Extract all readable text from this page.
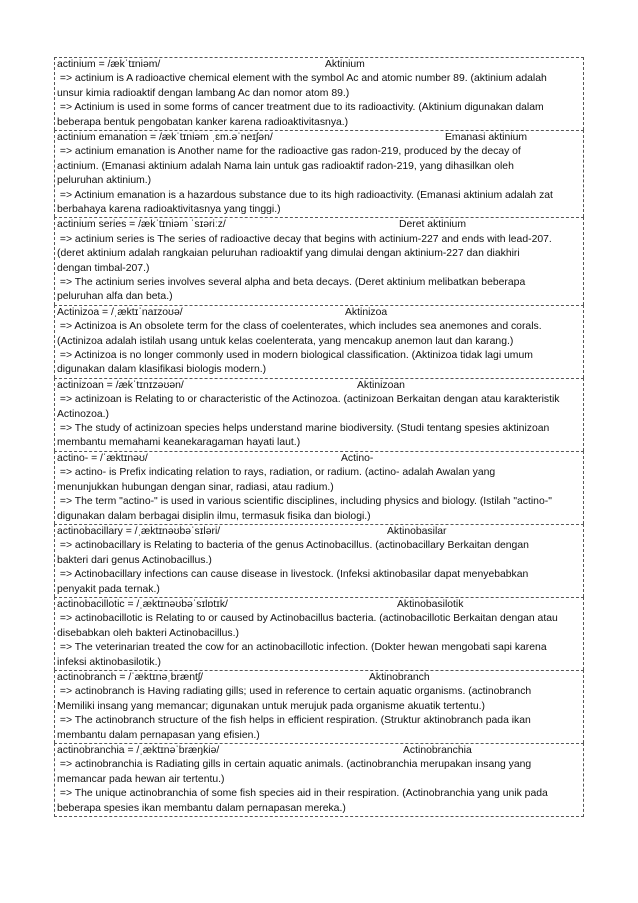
actinium = /ækˈtɪniəm/	Aktinium
=> actinium is A radioactive chemical element with the symbol Ac and atomic number 89. (aktinium adalah
unsur kimia radioaktif dengan lambang Ac dan nomor atom 89.)
=> Actinium is used in some forms of cancer treatment due to its radioactivity. (Aktinium digunakan dalam
beberapa bentuk pengobatan kanker karena radioaktivitasnya.)
actinium emanation = /ækˈtɪniəm ˌɛm.əˈneɪʃən/	Emanasi aktinium
=> actinium emanation is Another name for the radioactive gas radon-219, produced by the decay of
actinium. (Emanasi aktinium adalah Nama lain untuk gas radioaktif radon-219, yang dihasilkan oleh
peluruhan aktinium.)
=> Actinium emanation is a hazardous substance due to its high radioactivity. (Emanasi aktinium adalah zat
berbahaya karena radioaktivitasnya yang tinggi.)
actinium series = /ækˈtɪniəm ˈsɪəriːz/	Deret aktinium
=> actinium series is The series of radioactive decay that begins with actinium-227 and ends with lead-207.
(deret aktinium adalah rangkaian peluruhan radioaktif yang dimulai dengan aktinium-227 dan diakhiri
dengan timbal-207.)
=> The actinium series involves several alpha and beta decays. (Deret aktinium melibatkan beberapa
peluruhan alfa dan beta.)
Actinizoa = /ˌæktɪˈnaɪzoʊə/	Aktinizoa
=> Actinizoa is An obsolete term for the class of coelenterates, which includes sea anemones and corals.
(Actinizoa adalah istilah usang untuk kelas coelenterata, yang mencakup anemon laut dan karang.)
=> Actinizoa is no longer commonly used in modern biological classification. (Aktinizoa tidak lagi umum
digunakan dalam klasifikasi biologis modern.)
actinizoan = /ækˈtɪnɪzəʊən/	Aktinizoan
=> actinizoan is Relating to or characteristic of the Actinozoa. (actinizoan Berkaitan dengan atau karakteristik
Actinozoa.)
=> The study of actinizoan species helps understand marine biodiversity. (Studi tentang spesies aktinizoan
membantu memahami keanekaragaman hayati laut.)
actino- = /ˈæktɪnəʊ/	Actino-
=> actino- is Prefix indicating relation to rays, radiation, or radium. (actino- adalah Awalan yang
menunjukkan hubungan dengan sinar, radiasi, atau radium.)
=> The term "actino-" is used in various scientific disciplines, including physics and biology. (Istilah "actino-"
digunakan dalam berbagai disiplin ilmu, termasuk fisika dan biologi.)
actinobacillary = /ˌæktɪnəʊbəˈsɪləri/	Aktinobasilar
=> actinobacillary is Relating to bacteria of the genus Actinobacillus. (actinobacillary Berkaitan dengan
bakteri dari genus Actinobacillus.)
=> Actinobacillary infections can cause disease in livestock. (Infeksi aktinobasilar dapat menyebabkan
penyakit pada ternak.)
actinobacillotic = /ˌæktɪnəʊbəˈsɪlɒtɪk/	Aktinobasilotik
=> actinobacillotic is Relating to or caused by Actinobacillus bacteria. (actinobacillotic Berkaitan dengan atau
disebabkan oleh bakteri Actinobacillus.)
=> The veterinarian treated the cow for an actinobacillotic infection. (Dokter hewan mengobati sapi karena
infeksi aktinobasilotik.)
actinobranch = /ˈæktɪnəˌbræntʃ/	Aktinobranch
=> actinobranch is Having radiating gills; used in reference to certain aquatic organisms. (actinobranch
Memiliki insang yang memancar; digunakan untuk merujuk pada organisme akuatik tertentu.)
=> The actinobranch structure of the fish helps in efficient respiration. (Struktur aktinobranch pada ikan
membantu dalam pernapasan yang efisien.)
actinobranchia = /ˌæktɪnəˈbræŋkiə/	Actinobranchia
=> actinobranchia is Radiating gills in certain aquatic animals. (actinobranchia merupakan insang yang
memancar pada hewan air tertentu.)
=> The unique actinobranchia of some fish species aid in their respiration. (Actinobranchia yang unik pada
beberapa spesies ikan membantu dalam pernapasan mereka.)
